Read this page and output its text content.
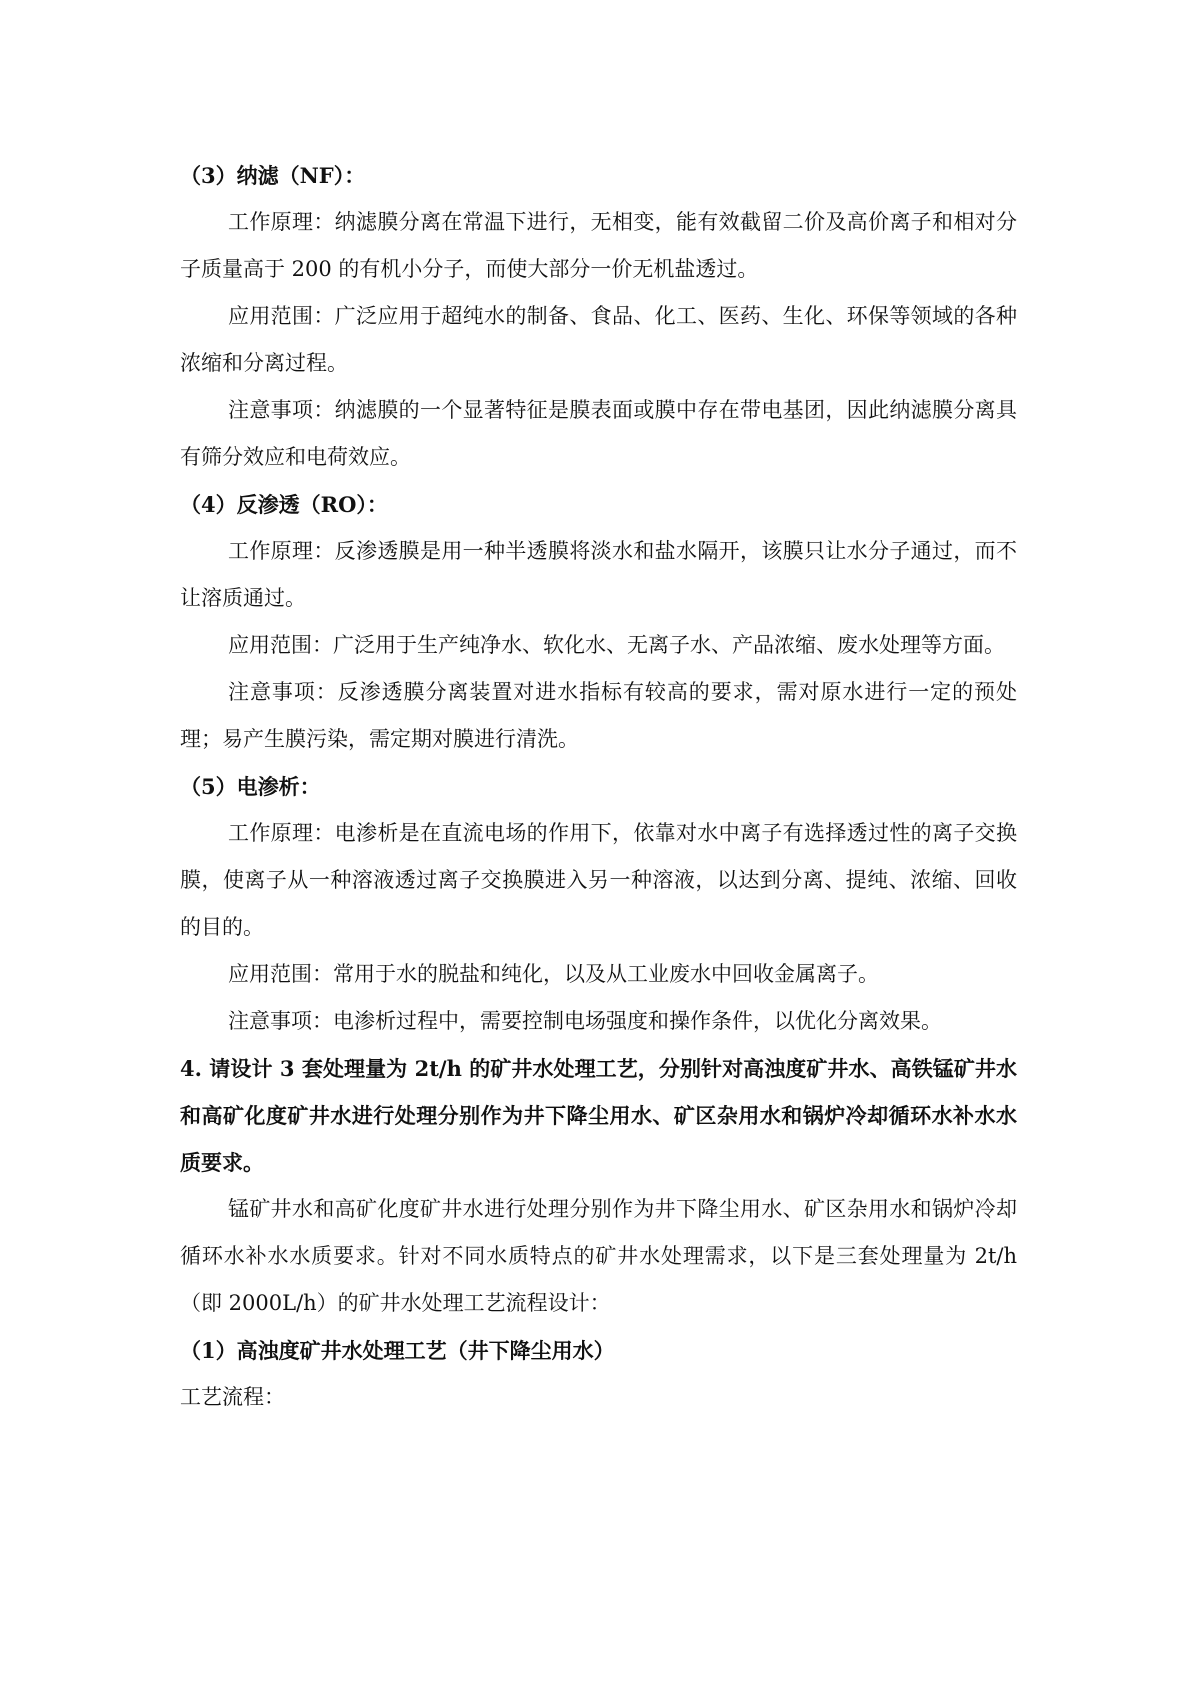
（3）纳滤（NF）：

工作原理：纳滤膜分离在常温下进行，无相变，能有效截留二价及高价离子和相对分子质量高于 200 的有机小分子，而使大部分一价无机盐透过。

应用范围：广泛应用于超纯水的制备、食品、化工、医药、生化、环保等领域的各种浓缩和分离过程。

注意事项：纳滤膜的一个显著特征是膜表面或膜中存在带电基团，因此纳滤膜分离具有筛分效应和电荷效应。

（4）反渗透（RO）：

工作原理：反渗透膜是用一种半透膜将淡水和盐水隔开，该膜只让水分子通过，而不让溶质通过。

应用范围：广泛用于生产纯净水、软化水、无离子水、产品浓缩、废水处理等方面。

注意事项：反渗透膜分离装置对进水指标有较高的要求，需对原水进行一定的预处理；易产生膜污染，需定期对膜进行清洗。

（5）电渗析：

工作原理：电渗析是在直流电场的作用下，依靠对水中离子有选择透过性的离子交换膜，使离子从一种溶液透过离子交换膜进入另一种溶液，以达到分离、提纯、浓缩、回收的目的。

应用范围：常用于水的脱盐和纯化，以及从工业废水中回收金属离子。

注意事项：电渗析过程中，需要控制电场强度和操作条件，以优化分离效果。

4. 请设计 3 套处理量为 2t/h 的矿井水处理工艺，分别针对高浊度矿井水、高铁锰矿井水和高矿化度矿井水进行处理分别作为井下降尘用水、矿区杂用水和锅炉冷却循环水补水水质要求。

锰矿井水和高矿化度矿井水进行处理分别作为井下降尘用水、矿区杂用水和锅炉冷却循环水补水水质要求。针对不同水质特点的矿井水处理需求，以下是三套处理量为 2t/h（即 2000L/h）的矿井水处理工艺流程设计：

（1）高浊度矿井水处理工艺（井下降尘用水）

工艺流程：
